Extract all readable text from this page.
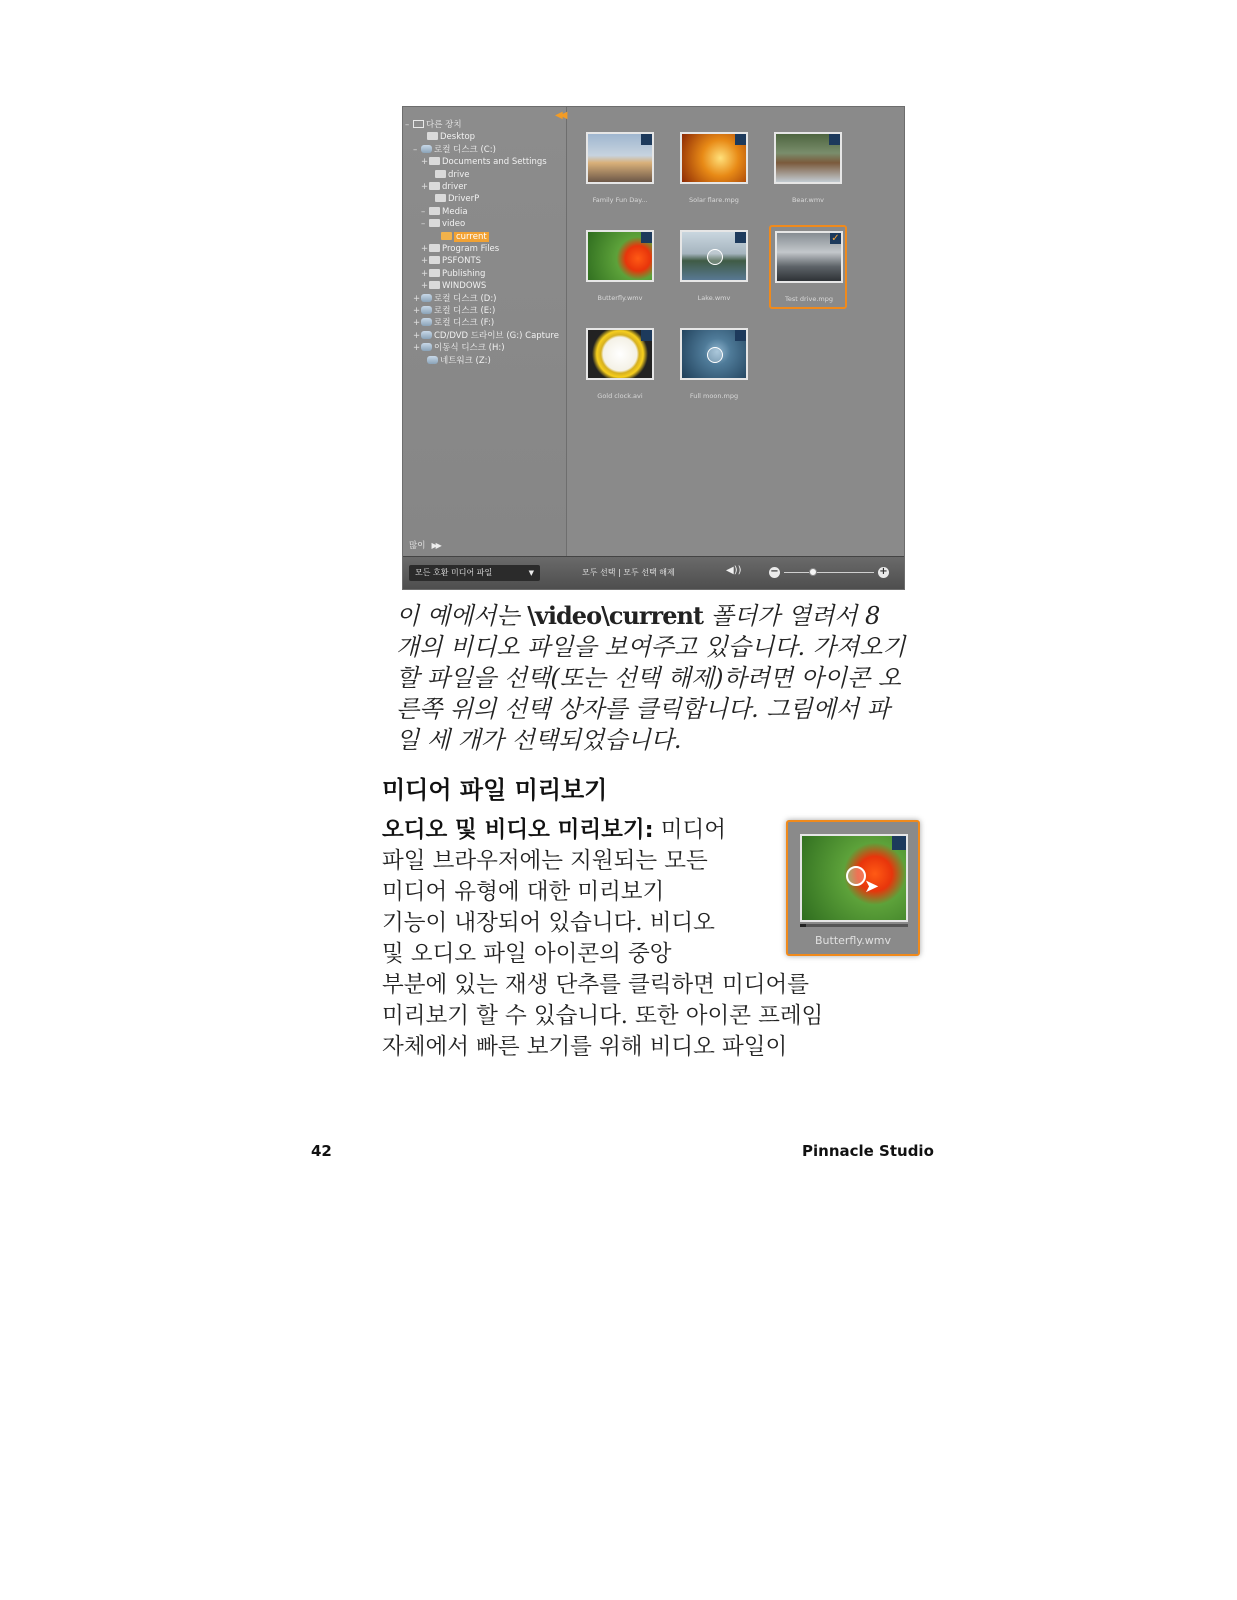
◀◀
– 다른 장치
Desktop
– 로컬 디스크 (C:)
+ Documents and Settings
drive
+ driver
DriverP
– Media
– video
current
+ Program Files
+ PSFONTS
+ Publishing
+ WINDOWS
+ 로컬 디스크 (D:)
+ 로컬 디스크 (E:)
+ 로컬 디스크 (F:)
+ CD/DVD 드라이브 (G:) Capture
+ 이동식 디스크 (H:)
네트워크 (Z:)
많이 ▶▶
Family Fun Day...	Solar flare.mpg	Bear.wmv
Butterfly.wmv	Lake.wmv
✓
Test drive.mpg
Gold clock.avi	Full moon.mpg
모든 호환 미디어 파일	▼	모두 선택 | 모두 선택 해제	◀))	−	+
이 예에서는 \video\current 폴더가 열려서 8 개의 비디오 파일을 보여주고 있습니다. 가져오기 할 파일을 선택(또는 선택 해제)하려면 아이콘 오른쪽 위의 선택 상자를 클릭합니다. 그림에서 파일 세 개가 선택되었습니다.
미디어 파일 미리보기
오디오 및 비디오 미리보기: 미디어
파일 브라우저에는 지원되는 모든
미디어 유형에 대한 미리보기
기능이 내장되어 있습니다. 비디오
및 오디오 파일 아이콘의 중앙
부분에 있는 재생 단추를 클릭하면 미디어를
미리보기 할 수 있습니다. 또한 아이콘 프레임
자체에서 빠른 보기를 위해 비디오 파일이
➤
Butterfly.wmv
42	Pinnacle Studio
